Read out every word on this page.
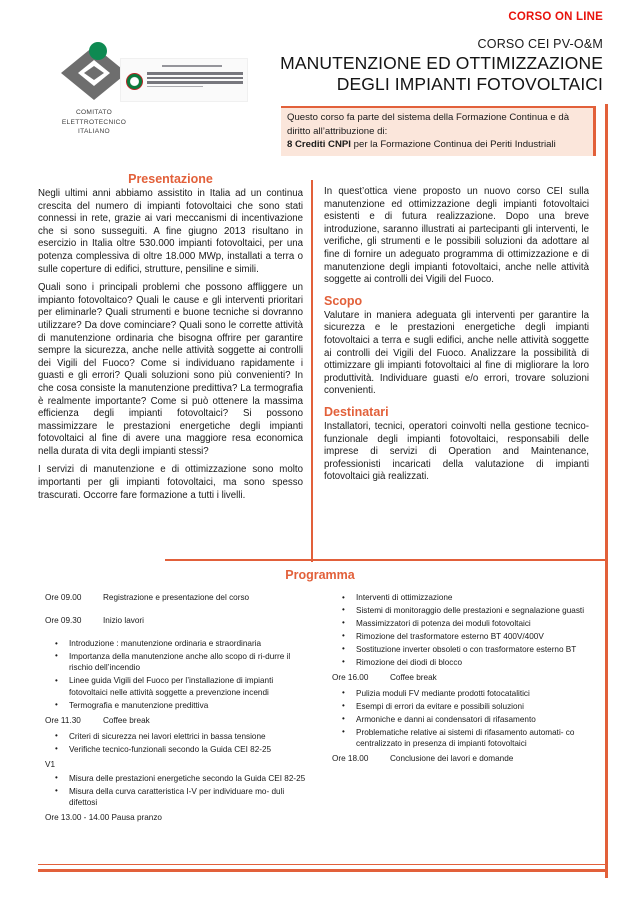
CORSO ON LINE
CORSO CEI PV-O&M
MANUTENZIONE ED OTTIMIZZAZIONE
DEGLI IMPIANTI FOTOVOLTAICI
Questo corso fa parte del sistema della Formazione Continua e dà diritto all’attribuzione di:
8 Crediti CNPI per la Formazione Continua dei Periti Industriali
COMITATO
ELETTROTECNICO
ITALIANO
Presentazione

Negli ultimi anni abbiamo assistito in Italia ad un continua crescita del numero di impianti fotovoltaici che sono stati connessi in rete, grazie ai vari meccanismi di incentivazione che si sono susseguiti. A fine giugno 2013 risultano in esercizio in Italia oltre 530.000 impianti fotovoltaici, per una potenza complessiva di oltre 18.000 MWp, installati a terra o sulle coperture di edifici, strutture, pensiline e simili.

Quali sono i principali problemi che possono affliggere un impianto fotovoltaico? Quali le cause e gli interventi prioritari per eliminarle? Quali strumenti e buone tecniche si dovranno utilizzare? Da dove cominciare? Quali sono le corrette attività di manutenzione ordinaria che bisogna offrire per garantire sempre la sicurezza, anche nelle attività soggette ai controlli dei Vigili del Fuoco? Come si individuano rapidamente i guasti e gli errori? Quali soluzioni sono più convenienti? In che cosa consiste la manutenzione predittiva? La termografia è realmente importante? Come si può ottenere la massima efficienza degli impianti fotovoltaici? Si possono massimizzare le prestazioni energetiche degli impianti fotovoltaici al fine di avere una maggiore resa economica nella durata di vita degli impianti stessi?

I servizi di manutenzione e di ottimizzazione sono molto importanti per gli impianti fotovoltaici, ma sono spesso trascurati. Occorre fare formazione a tutti i livelli.

In quest’ottica viene proposto un nuovo corso CEI sulla manutenzione ed ottimizzazione degli impianti fotovoltaici esistenti e di futura realizzazione. Dopo una breve introduzione, saranno illustrati ai partecipanti gli interventi, le verifiche, gli strumenti e le possibili soluzioni da adottare al fine di fornire un adeguato programma di ottimizzazione e di manutenzione degli impianti fotovoltaici, anche nelle attività soggette ai controlli dei Vigili del Fuoco.

Scopo

Valutare in maniera adeguata gli interventi per garantire la sicurezza e le prestazioni energetiche degli impianti fotovoltaici a terra e sugli edifici, anche nelle attività soggette ai controlli dei Vigili del Fuoco. Analizzare la possibilità di ottimizzare gli impianti fotovoltaici al fine di migliorare la loro produttività. Individuare guasti e/o errori, trovare soluzioni convenienti.

Destinatari

Installatori, tecnici, operatori coinvolti nella gestione tecnico-funzionale degli impianti fotovoltaici, responsabili delle imprese di servizi di Operation and Maintenance, professionisti incaricati della valutazione di impianti fotovoltaici già realizzati.

Programma
Ore 09.00	Registrazione e presentazione del corso
Ore 09.30	Inizio lavori
• Introduzione : manutenzione ordinaria e straordinaria
• Importanza della manutenzione anche allo scopo di ri-durre il rischio dell’incendio
• Linee guida Vigili del Fuoco per l’installazione di impianti fotovoltaici nelle attività soggette a prevenzione incendi
• Termografia e manutenzione predittiva
Ore 11.30	Coffee break
• Criteri di sicurezza nei lavori elettrici in bassa tensione
• Verifiche tecnico-funzionali secondo la Guida CEI 82-25
V1
• Misura delle prestazioni energetiche secondo la Guida CEI 82-25
• Misura della curva caratteristica I-V per individuare mo- duli difettosi
Ore 13.00 - 14.00 Pausa pranzo
• Interventi di ottimizzazione
• Sistemi di monitoraggio delle prestazioni e segnalazione guasti
• Massimizzatori di potenza dei moduli fotovoltaici
• Rimozione del trasformatore esterno BT 400V/400V
• Sostituzione inverter obsoleti o con trasformatore esterno BT
• Rimozione dei diodi di blocco
Ore 16.00	Coffee break
• Pulizia moduli FV mediante prodotti fotocatalitici
• Esempi di errori da evitare e possibili soluzioni
• Armoniche e danni ai condensatori di rifasamento
• Problematiche relative ai sistemi di rifasamento automati- co centralizzato in presenza di impianti fotovoltaici
Ore 18.00	Conclusione dei lavori e domande
